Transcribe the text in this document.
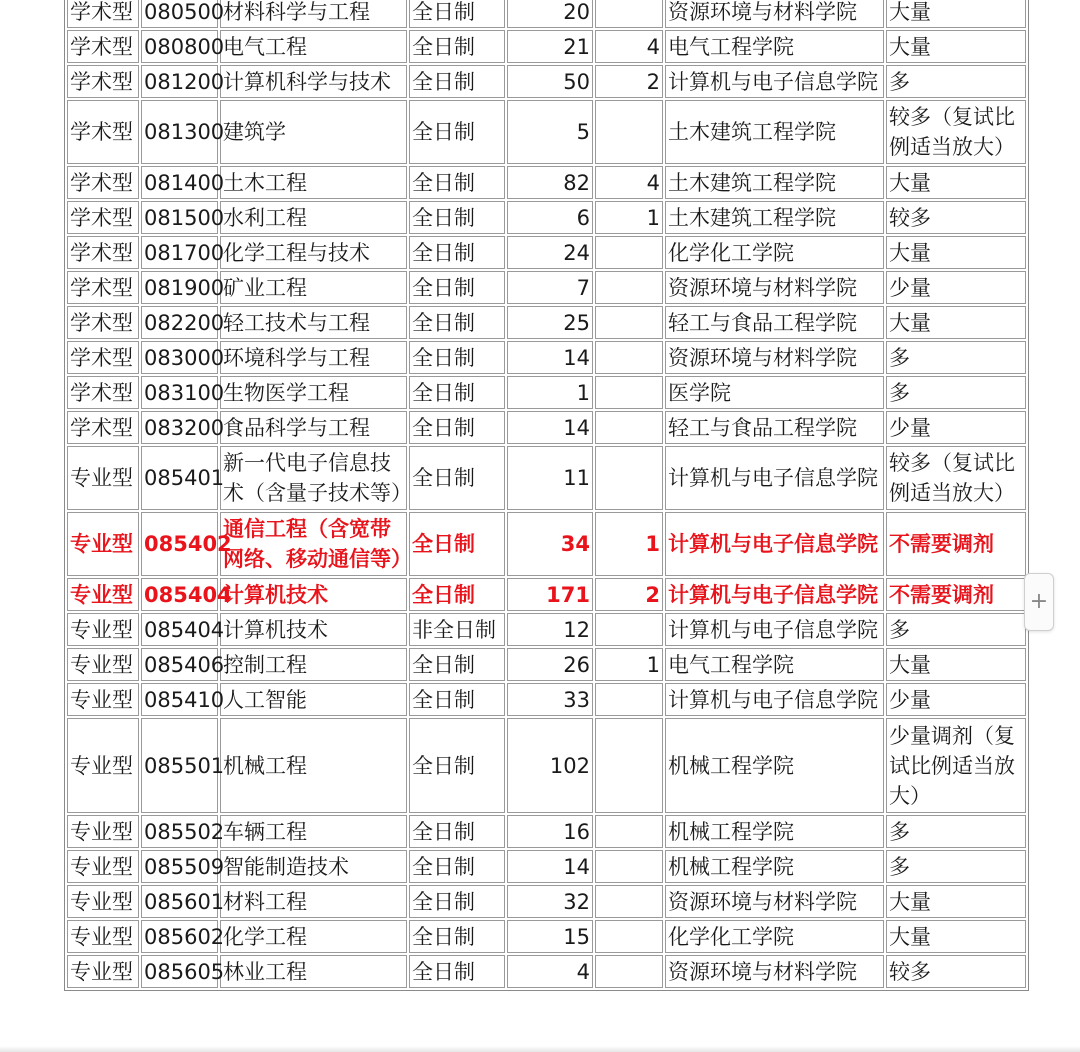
学术型	080500	材料科学与工程	全日制	20		资源环境与材料学院	大量
学术型	080800	电气工程	全日制	21	4	电气工程学院	大量
学术型	081200	计算机科学与技术	全日制	50	2	计算机与电子信息学院	多
学术型	081300	建筑学	全日制	5		土木建筑工程学院	较多（复试比例适当放大）
学术型	081400	土木工程	全日制	82	4	土木建筑工程学院	大量
学术型	081500	水利工程	全日制	6	1	土木建筑工程学院	较多
学术型	081700	化学工程与技术	全日制	24		化学化工学院	大量
学术型	081900	矿业工程	全日制	7		资源环境与材料学院	少量
学术型	082200	轻工技术与工程	全日制	25		轻工与食品工程学院	大量
学术型	083000	环境科学与工程	全日制	14		资源环境与材料学院	多
学术型	083100	生物医学工程	全日制	1		医学院	多
学术型	083200	食品科学与工程	全日制	14		轻工与食品工程学院	少量
专业型	085401	新一代电子信息技术（含量子技术等）	全日制	11		计算机与电子信息学院	较多（复试比例适当放大）
专业型	085402	通信工程（含宽带网络、移动通信等）	全日制	34	1	计算机与电子信息学院	不需要调剂
专业型	085404	计算机技术	全日制	171	2	计算机与电子信息学院	不需要调剂
专业型	085404	计算机技术	非全日制	12		计算机与电子信息学院	多
专业型	085406	控制工程	全日制	26	1	电气工程学院	大量
专业型	085410	人工智能	全日制	33		计算机与电子信息学院	少量
专业型	085501	机械工程	全日制	102		机械工程学院	少量调剂（复试比例适当放大）
专业型	085502	车辆工程	全日制	16		机械工程学院	多
专业型	085509	智能制造技术	全日制	14		机械工程学院	多
专业型	085601	材料工程	全日制	32		资源环境与材料学院	大量
专业型	085602	化学工程	全日制	15		化学化工学院	大量
专业型	085605	林业工程	全日制	4		资源环境与材料学院	较多
+
